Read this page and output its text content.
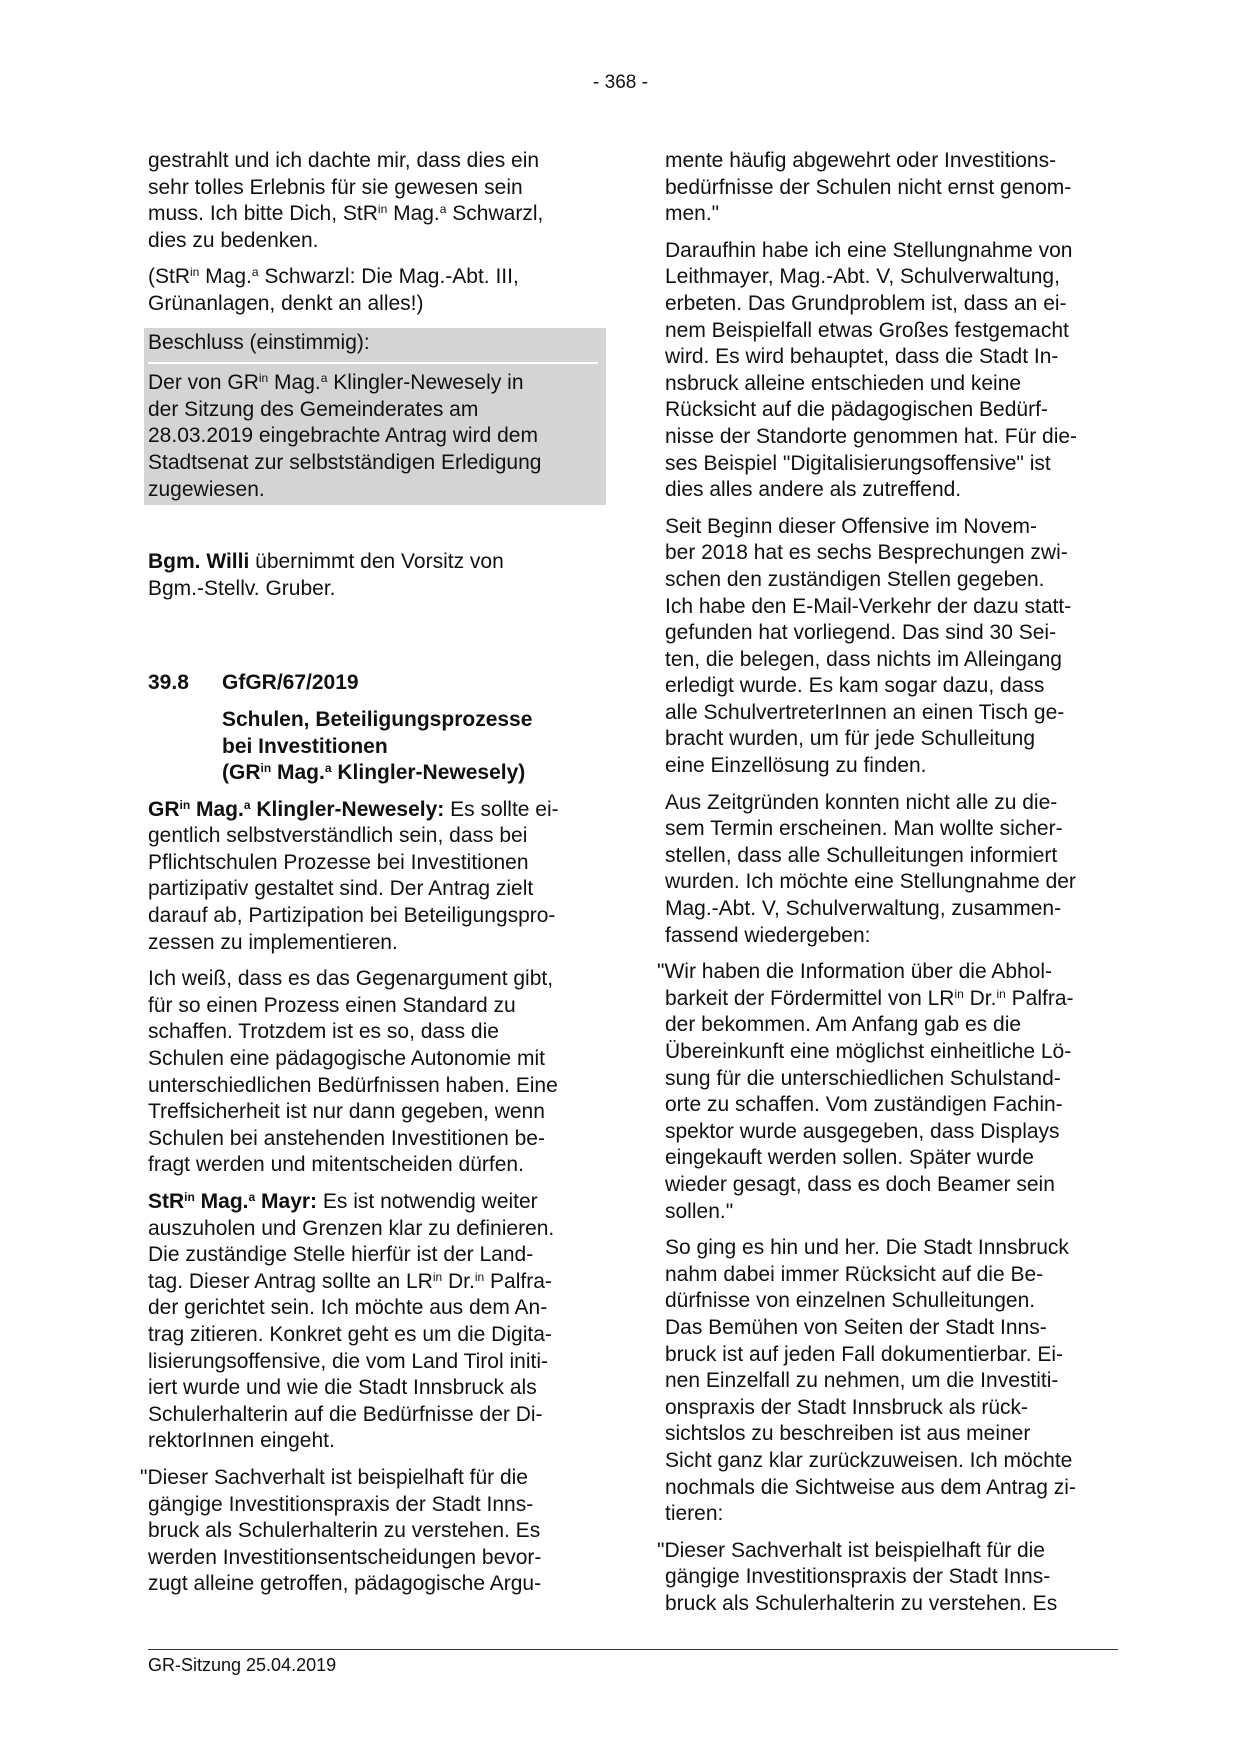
- 368 -

gestrahlt und ich dachte mir, dass dies ein
sehr tolles Erlebnis für sie gewesen sein
muss. Ich bitte Dich, StR$^{in}$ Mag.$^a$ Schwarzl,
dies zu bedenken.

(StR$^{in}$ Mag.$^a$ Schwarzl: Die Mag.-Abt. III,
Grünanlagen, denkt an alles!)

Beschluss (einstimmig):
Der von $GR^{in}$ Mag.$^a$ Klingler-Newesely in
der Sitzung des Gemeinderates am
28.03.2019 eingebrachte Antrag wird dem
Stadtsenat zur selbstständigen Erledigung
zugewiesen.

Bgm. Willi übernimmt den Vorsitz von
Bgm.-Stellv. Gruber.

39.8	GfGR/67/2019
Schulen, Beteiligungsprozesse
bei Investitionen
($GR^{in}$ Mag.$^a$ Klingler-Newesely)

$GR^{in}$ Mag.$^a$ Klingler-Newesely: Es sollte ei-
gentlich selbstverständlich sein, dass bei
Pflichtschulen Prozesse bei Investitionen
partizipativ gestaltet sind. Der Antrag zielt
darauf ab, Partizipation bei Beteiligungspro-
zessen zu implementieren.

Ich weiß, dass es das Gegenargument gibt,
für so einen Prozess einen Standard zu
schaffen. Trotzdem ist es so, dass die
Schulen eine pädagogische Autonomie mit
unterschiedlichen Bedürfnissen haben. Eine
Treffsicherheit ist nur dann gegeben, wenn
Schulen bei anstehenden Investitionen be-
fragt werden und mitentscheiden dürfen.

StR$^{in}$ Mag.$^a$ Mayr: Es ist notwendig weiter
auszuholen und Grenzen klar zu definieren.
Die zuständige Stelle hierfür ist der Land-
tag. Dieser Antrag sollte an $LR^{in}$ Dr.$^{in}$ Palfra-
der gerichtet sein. Ich möchte aus dem An-
trag zitieren. Konkret geht es um die Digita-
lisierungsoffensive, die vom Land Tirol initi-
iert wurde und wie die Stadt Innsbruck als
Schulerhalterin auf die Bedürfnisse der Di-
rektorInnen eingeht.

"Dieser Sachverhalt ist beispielhaft für die
gängige Investitionspraxis der Stadt Inns-
bruck als Schulerhalterin zu verstehen. Es
werden Investitionsentscheidungen bevor-
zugt alleine getroffen, pädagogische Argu-

mente häufig abgewehrt oder Investitions-
bedürfnisse der Schulen nicht ernst genom-
men."

Daraufhin habe ich eine Stellungnahme von
Leithmayer, Mag.-Abt. V, Schulverwaltung,
erbeten. Das Grundproblem ist, dass an ei-
nem Beispielfall etwas Großes festgemacht
wird. Es wird behauptet, dass die Stadt In-
nsbruck alleine entschieden und keine
Rücksicht auf die pädagogischen Bedürf-
nisse der Standorte genommen hat. Für die-
ses Beispiel "Digitalisierungsoffensive" ist
dies alles andere als zutreffend.

Seit Beginn dieser Offensive im Novem-
ber 2018 hat es sechs Besprechungen zwi-
schen den zuständigen Stellen gegeben.
Ich habe den E-Mail-Verkehr der dazu statt-
gefunden hat vorliegend. Das sind 30 Sei-
ten, die belegen, dass nichts im Alleingang
erledigt wurde. Es kam sogar dazu, dass
alle SchulvertreterInnen an einen Tisch ge-
bracht wurden, um für jede Schulleitung
eine Einzellösung zu finden.

Aus Zeitgründen konnten nicht alle zu die-
sem Termin erscheinen. Man wollte sicher-
stellen, dass alle Schulleitungen informiert
wurden. Ich möchte eine Stellungnahme der
Mag.-Abt. V, Schulverwaltung, zusammen-
fassend wiedergeben:

"Wir haben die Information über die Abhol-
barkeit der Fördermittel von $LR^{in}$ Dr.$^{in}$ Palfra-
der bekommen. Am Anfang gab es die
Übereinkunft eine möglichst einheitliche Lö-
sung für die unterschiedlichen Schulstand-
orte zu schaffen. Vom zuständigen Fachin-
spektor wurde ausgegeben, dass Displays
eingekauft werden sollen. Später wurde
wieder gesagt, dass es doch Beamer sein
sollen."

So ging es hin und her. Die Stadt Innsbruck
nahm dabei immer Rücksicht auf die Be-
dürfnisse von einzelnen Schulleitungen.
Das Bemühen von Seiten der Stadt Inns-
bruck ist auf jeden Fall dokumentierbar. Ei-
nen Einzelfall zu nehmen, um die Investiti-
onspraxis der Stadt Innsbruck als rück-
sichtslos zu beschreiben ist aus meiner
Sicht ganz klar zurückzuweisen. Ich möchte
nochmals die Sichtweise aus dem Antrag zi-
tieren:

"Dieser Sachverhalt ist beispielhaft für die
gängige Investitionspraxis der Stadt Inns-
bruck als Schulerhalterin zu verstehen. Es

GR-Sitzung 25.04.2019
